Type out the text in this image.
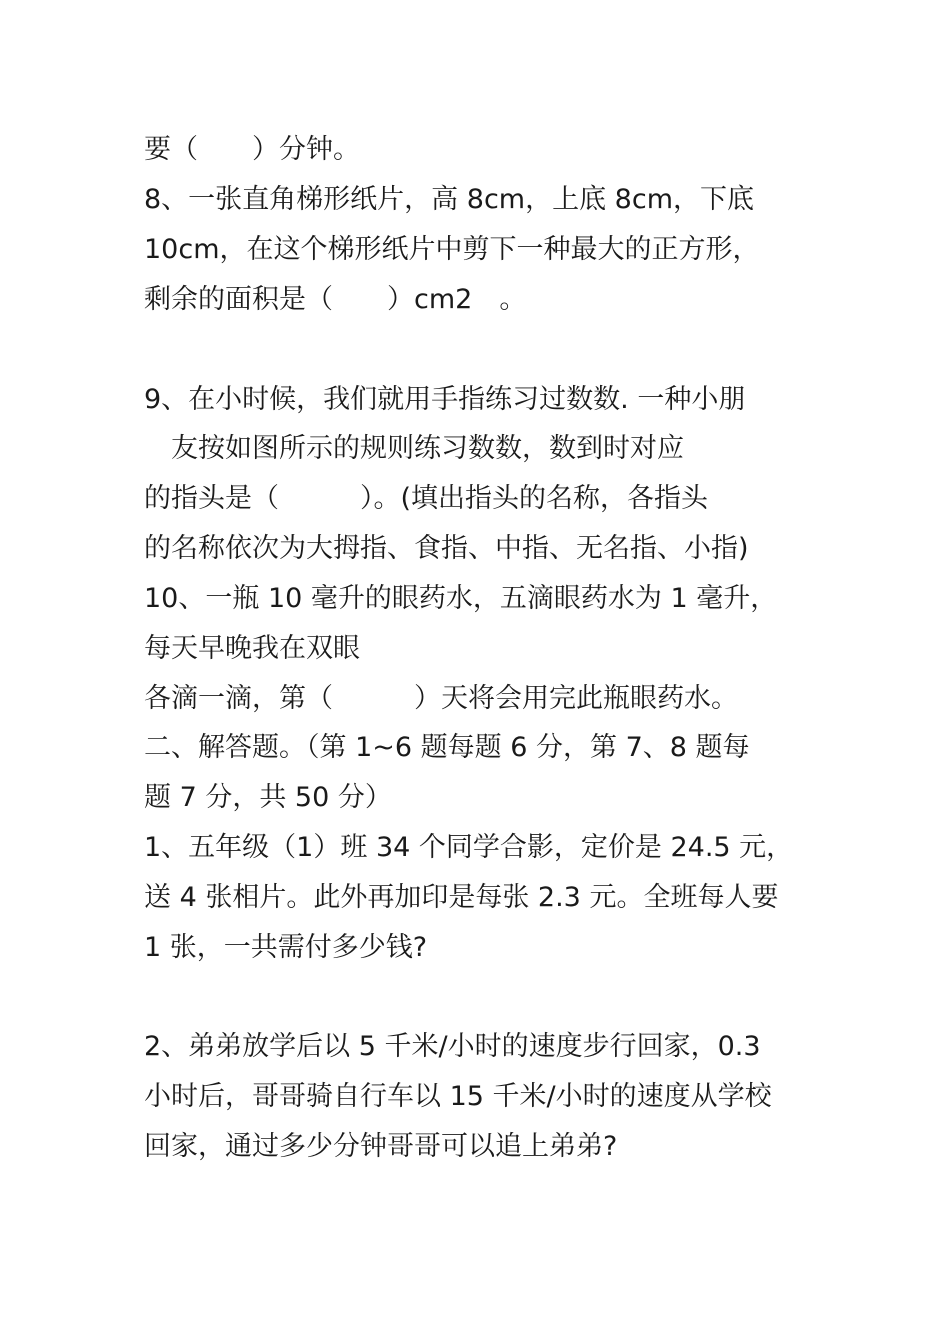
要（　　）分钟。
8、一张直角梯形纸片，高 8cm，上底 8cm，下底
10cm，在这个梯形纸片中剪下一种最大的正方形，
剩余的面积是（　　）cm2　。
9、在小时候，我们就用手指练习过数数. 一种小朋
　友按如图所示的规则练习数数，数到时对应
的指头是（　　　）。(填出指头的名称，各指头
的名称依次为大拇指、食指、中指、无名指、小指)
10、一瓶 10 毫升的眼药水，五滴眼药水为 1 毫升，
每天早晚我在双眼
各滴一滴，第（　　　）天将会用完此瓶眼药水。
二、解答题。（第 1~6 题每题 6 分，第 7、8 题每
题 7 分，共 50 分）
1、五年级（1）班 34 个同学合影，定价是 24.5 元，
送 4 张相片。此外再加印是每张 2.3 元。全班每人要
1 张，一共需付多少钱?
2、弟弟放学后以 5 千米/小时的速度步行回家，0.3
小时后，哥哥骑自行车以 15 千米/小时的速度从学校
回家，通过多少分钟哥哥可以追上弟弟?
